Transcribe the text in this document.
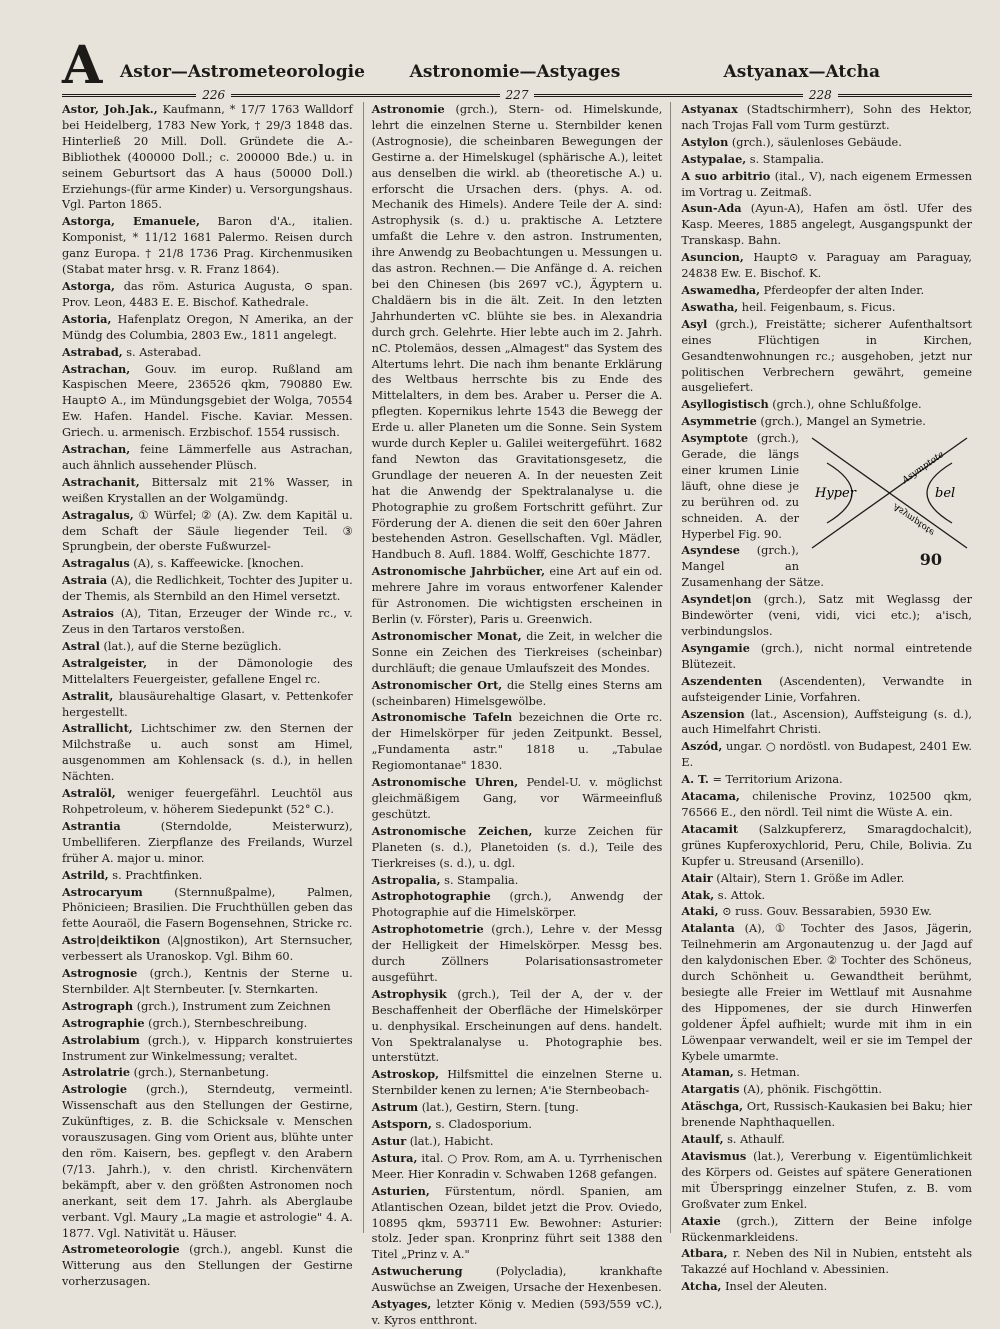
A Astor—Astrometeorologie	Astronomie—Astyages	Astyanax—Atcha
226	227	228
Astor, Joh.Jak., Kaufmann, * 17/7 1763 Walldorf bei Heidelberg, 1783 New York, † 29/3 1848 das. Hinterließ 20 Mill. Doll. Gründete die A.-Bibliothek (400000 Doll.; c. 200000 Bde.) u. in seinem Geburtsort das A haus (50000 Doll.) Erziehungs-(für arme Kinder) u. Versorgungshaus. Vgl. Parton 1865.
Astorga, Emanuele, Baron d'A., italien. Komponist, * 11/12 1681 Palermo. Reisen durch ganz Europa. † 21/8 1736 Prag. Kirchenmusiken (Stabat mater hrsg. v. R. Franz 1864).
Astorga, das röm. Asturica Augusta, ⊙ span. Prov. Leon, 4483 E. E. Bischof. Kathedrale.
Astoria, Hafenplatz Oregon, N Amerika, an der Mündg des Columbia, 2803 Ew., 1811 angelegt.
Astrabad, s. Asterabad.
Astrachan, Gouv. im europ. Rußland am Kaspischen Meere, 236526 qkm, 790880 Ew. Haupt⊙ A., im Mündungsgebiet der Wolga, 70554 Ew. Hafen. Handel. Fische. Kaviar. Messen. Griech. u. armenisch. Erzbischof. 1554 russisch.
Astrachan, feine Lämmerfelle aus Astrachan, auch ähnlich aussehender Plüsch.
Astrachanit, Bittersalz mit 21% Wasser, in weißen Krystallen an der Wolgamündg.
Astragalus, ① Würfel; ② (A). Zw. dem Kapitäl u. dem Schaft der Säule liegender Teil. ③ Sprungbein, der oberste Fußwurzel-
Astragalus (A), s. Kaffeewicke. [knochen.
Astraia (A), die Redlichkeit, Tochter des Jupiter u. der Themis, als Sternbild an den Himel versetzt.
Astraios (A), Titan, Erzeuger der Winde rc., v. Zeus in den Tartaros verstoßen.
Astral (lat.), auf die Sterne bezüglich.
Astralgeister, in der Dämonologie des Mittelalters Feuergeister, gefallene Engel rc.
Astralit, blausäurehaltige Glasart, v. Pettenkofer hergestellt.
Astrallicht, Lichtschimer zw. den Sternen der Milchstraße u. auch sonst am Himel, ausgenommen am Kohlensack (s. d.), in hellen Nächten.
Astralöl, weniger feuergefährl. Leuchtöl aus Rohpetroleum, v. höherem Siedepunkt (52° C.).
Astrantia (Sterndolde, Meisterwurz), Umbelliferen. Zierpflanze des Freilands, Wurzel früher A. major u. minor.
Astrild, s. Prachtfinken.
Astrocaryum (Sternnußpalme), Palmen, Phönicieen; Brasilien. Die Fruchthüllen geben das fette Aouraöl, die Fasern Bogensehnen, Stricke rc.
Astro|deiktikon (A|gnostikon), Art Sternsucher, verbessert als Uranoskop. Vgl. Bihm 60.
Astrognosie (grch.), Kentnis der Sterne u. Sternbilder. A|t Sternbeuter. [v. Sternkarten.
Astrograph (grch.), Instrument zum Zeichnen
Astrographie (grch.), Sternbeschreibung.
Astrolabium (grch.), v. Hipparch konstruiertes Instrument zur Winkelmessung; veraltet.
Astrolatrie (grch.), Sternanbetung.
Astrologie (grch.), Sterndeutg, vermeintl. Wissenschaft aus den Stellungen der Gestirne, Zukünftiges, z. B. die Schicksale v. Menschen vorauszusagen. Ging vom Orient aus, blühte unter den röm. Kaisern, bes. gepflegt v. den Arabern (7/13. Jahrh.), v. den christl. Kirchenvätern bekämpft, aber v. den größten Astronomen noch anerkant, seit dem 17. Jahrh. als Aberglaube verbant. Vgl. Maury „La magie et astrologie" 4. A. 1877. Vgl. Nativität u. Häuser.
Astrometeorologie (grch.), angebl. Kunst die Witterung aus den Stellungen der Gestirne vorherzusagen.
Astronomie (grch.), Stern- od. Himelskunde, lehrt die einzelnen Sterne u. Sternbilder kenen (Astrognosie), die scheinbaren Bewegungen der Gestirne a. der Himelskugel (sphärische A.), leitet aus denselben die wirkl. ab (theoretische A.) u. erforscht die Ursachen ders. (phys. A. od. Mechanik des Himels). Andere Teile der A. sind: Astrophysik (s. d.) u. praktische A. Letztere umfaßt die Lehre v. den astron. Instrumenten, ihre Anwendg zu Beobachtungen u. Messungen u. das astron. Rechnen.— Die Anfänge d. A. reichen bei den Chinesen (bis 2697 vC.), Ägyptern u. Chaldäern bis in die ält. Zeit. In den letzten Jahrhunderten vC. blühte sie bes. in Alexandria durch grch. Gelehrte. Hier lebte auch im 2. Jahrh. nC. Ptolemäos, dessen „Almagest" das System des Altertums lehrt. Die nach ihm benante Erklärung des Weltbaus herrschte bis zu Ende des Mittelalters, in dem bes. Araber u. Perser die A. pflegten. Kopernikus lehrte 1543 die Bewegg der Erde u. aller Planeten um die Sonne. Sein System wurde durch Kepler u. Galilei weitergeführt. 1682 fand Newton das Gravitationsgesetz, die Grundlage der neueren A. In der neuesten Zeit hat die Anwendg der Spektralanalyse u. die Photographie zu großem Fortschritt geführt. Zur Förderung der A. dienen die seit den 60er Jahren bestehenden Astron. Gesellschaften. Vgl. Mädler, Handbuch 8. Aufl. 1884. Wolff, Geschichte 1877.
Astronomische Jahrbücher, eine Art auf ein od. mehrere Jahre im voraus entworfener Kalender für Astronomen. Die wichtigsten erscheinen in Berlin (v. Förster), Paris u. Greenwich.
Astronomischer Monat, die Zeit, in welcher die Sonne ein Zeichen des Tierkreises (scheinbar) durchläuft; die genaue Umlaufszeit des Mondes.
Astronomischer Ort, die Stellg eines Sterns am (scheinbaren) Himelsgewölbe.
Astronomische Tafeln bezeichnen die Orte rc. der Himelskörper für jeden Zeitpunkt. Bessel, „Fundamenta astr." 1818 u. „Tabulae Regiomontanae" 1830.
Astronomische Uhren, Pendel-U. v. möglichst gleichmäßigem Gang, vor Wärmeeinfluß geschützt.
Astronomische Zeichen, kurze Zeichen für Planeten (s. d.), Planetoiden (s. d.), Teile des Tierkreises (s. d.), u. dgl.
Astropalia, s. Stampalia.
Astrophotographie (grch.), Anwendg der Photographie auf die Himelskörper.
Astrophotometrie (grch.), Lehre v. der Messg der Helligkeit der Himelskörper. Messg bes. durch Zöllners Polarisationsastrometer ausgeführt.
Astrophysik (grch.), Teil der A, der v. der Beschaffenheit der Oberfläche der Himelskörper u. denphysikal. Erscheinungen auf dens. handelt. Von Spektralanalyse u. Photographie bes. unterstützt.
Astroskop, Hilfsmittel die einzelnen Sterne u. Sternbilder kenen zu lernen; A'ie Sternbeobach-
Astrum (lat.), Gestirn, Stern. [tung.
Astsporn, s. Cladosporium.
Astur (lat.), Habicht.
Astura, ital. ○ Prov. Rom, am A. u. Tyrrhenischen Meer. Hier Konradin v. Schwaben 1268 gefangen.
Asturien, Fürstentum, nördl. Spanien, am Atlantischen Ozean, bildet jetzt die Prov. Oviedo, 10895 qkm, 593711 Ew. Bewohner: Asturier: stolz. Jeder span. Kronprinz führt seit 1388 den Titel „Prinz v. A."
Astwucherung (Polycladia), krankhafte Auswüchse an Zweigen, Ursache der Hexenbesen.
Astyages, letzter König v. Medien (593/559 vC.), v. Kyros entthront.
Astyanax (Stadtschirmherr), Sohn des Hektor, nach Trojas Fall vom Turm gestürzt.
Astylon (grch.), säulenloses Gebäude.
Astypalae, s. Stampalia.
A suo arbitrio (ital., V), nach eigenem Ermessen im Vortrag u. Zeitmaß.
Asun-Ada (Ayun-A), Hafen am östl. Ufer des Kasp. Meeres, 1885 angelegt, Ausgangspunkt der Transkasp. Bahn.
Asuncion, Haupt⊙ v. Paraguay am Paraguay, 24838 Ew. E. Bischof. K.
Aswamedha, Pferdeopfer der alten Inder.
Aswatha, heil. Feigenbaum, s. Ficus.
Asyl (grch.), Freistätte; sicherer Aufenthaltsort eines Flüchtigen in Kirchen, Gesandtenwohnungen rc.; ausgehoben, jetzt nur politischen Verbrechern gewährt, gemeine ausgeliefert.
Asyllogistisch (grch.), ohne Schlußfolge.
Asymmetrie (grch.), Mangel an Symetrie.
Hyper	bel
Asymptote
Asymptote
90
Asymptote (grch.), Gerade, die längs einer krumen Linie läuft, ohne diese je zu berühren od. zu schneiden. A. der Hyperbel Fig. 90.
Asyndese (grch.), Mangel an Zusamenhang der Sätze.
Asyndet|on (grch.), Satz mit Weglassg der Bindewörter (veni, vidi, vici etc.); a'isch, verbindungslos.
Asyngamie (grch.), nicht normal eintretende Blütezeit.
Aszendenten (Ascendenten), Verwandte in aufsteigender Linie, Vorfahren.
Aszension (lat., Ascension), Auffsteigung (s. d.), auch Himelfahrt Christi.
Aszód, ungar. ○ nordöstl. von Budapest, 2401 Ew. E.
A. T. = Territorium Arizona.
Atacama, chilenische Provinz, 102500 qkm, 76566 E., den nördl. Teil nimt die Wüste A. ein.
Atacamit (Salzkupfererz, Smaragdochalcit), grünes Kupferoxychlorid, Peru, Chile, Bolivia. Zu Kupfer u. Streusand (Arsenillo).
Atair (Altair), Stern 1. Größe im Adler.
Atak, s. Attok.
Ataki, ⊙ russ. Gouv. Bessarabien, 5930 Ew.
Atalanta (A), ① Tochter des Jasos, Jägerin, Teilnehmerin am Argonautenzug u. der Jagd auf den kalydonischen Eber. ② Tochter des Schöneus, durch Schönheit u. Gewandtheit berühmt, besiegte alle Freier im Wettlauf mit Ausnahme des Hippomenes, der sie durch Hinwerfen goldener Äpfel aufhielt; wurde mit ihm in ein Löwenpaar verwandelt, weil er sie im Tempel der Kybele umarmte.
Ataman, s. Hetman.
Atargatis (A), phönik. Fischgöttin.
Atäschga, Ort, Russisch-Kaukasien bei Baku; hier brenende Naphthaquellen.
Ataulf, s. Athaulf.
Atavismus (lat.), Vererbung v. Eigentümlichkeit des Körpers od. Geistes auf spätere Generationen mit Überspringg einzelner Stufen, z. B. vom Großvater zum Enkel.
Ataxie (grch.), Zittern der Beine infolge Rückenmarkleidens.
Atbara, r. Neben des Nil in Nubien, entsteht als Takazzé auf Hochland v. Abessinien.
Atcha, Insel der Aleuten.
